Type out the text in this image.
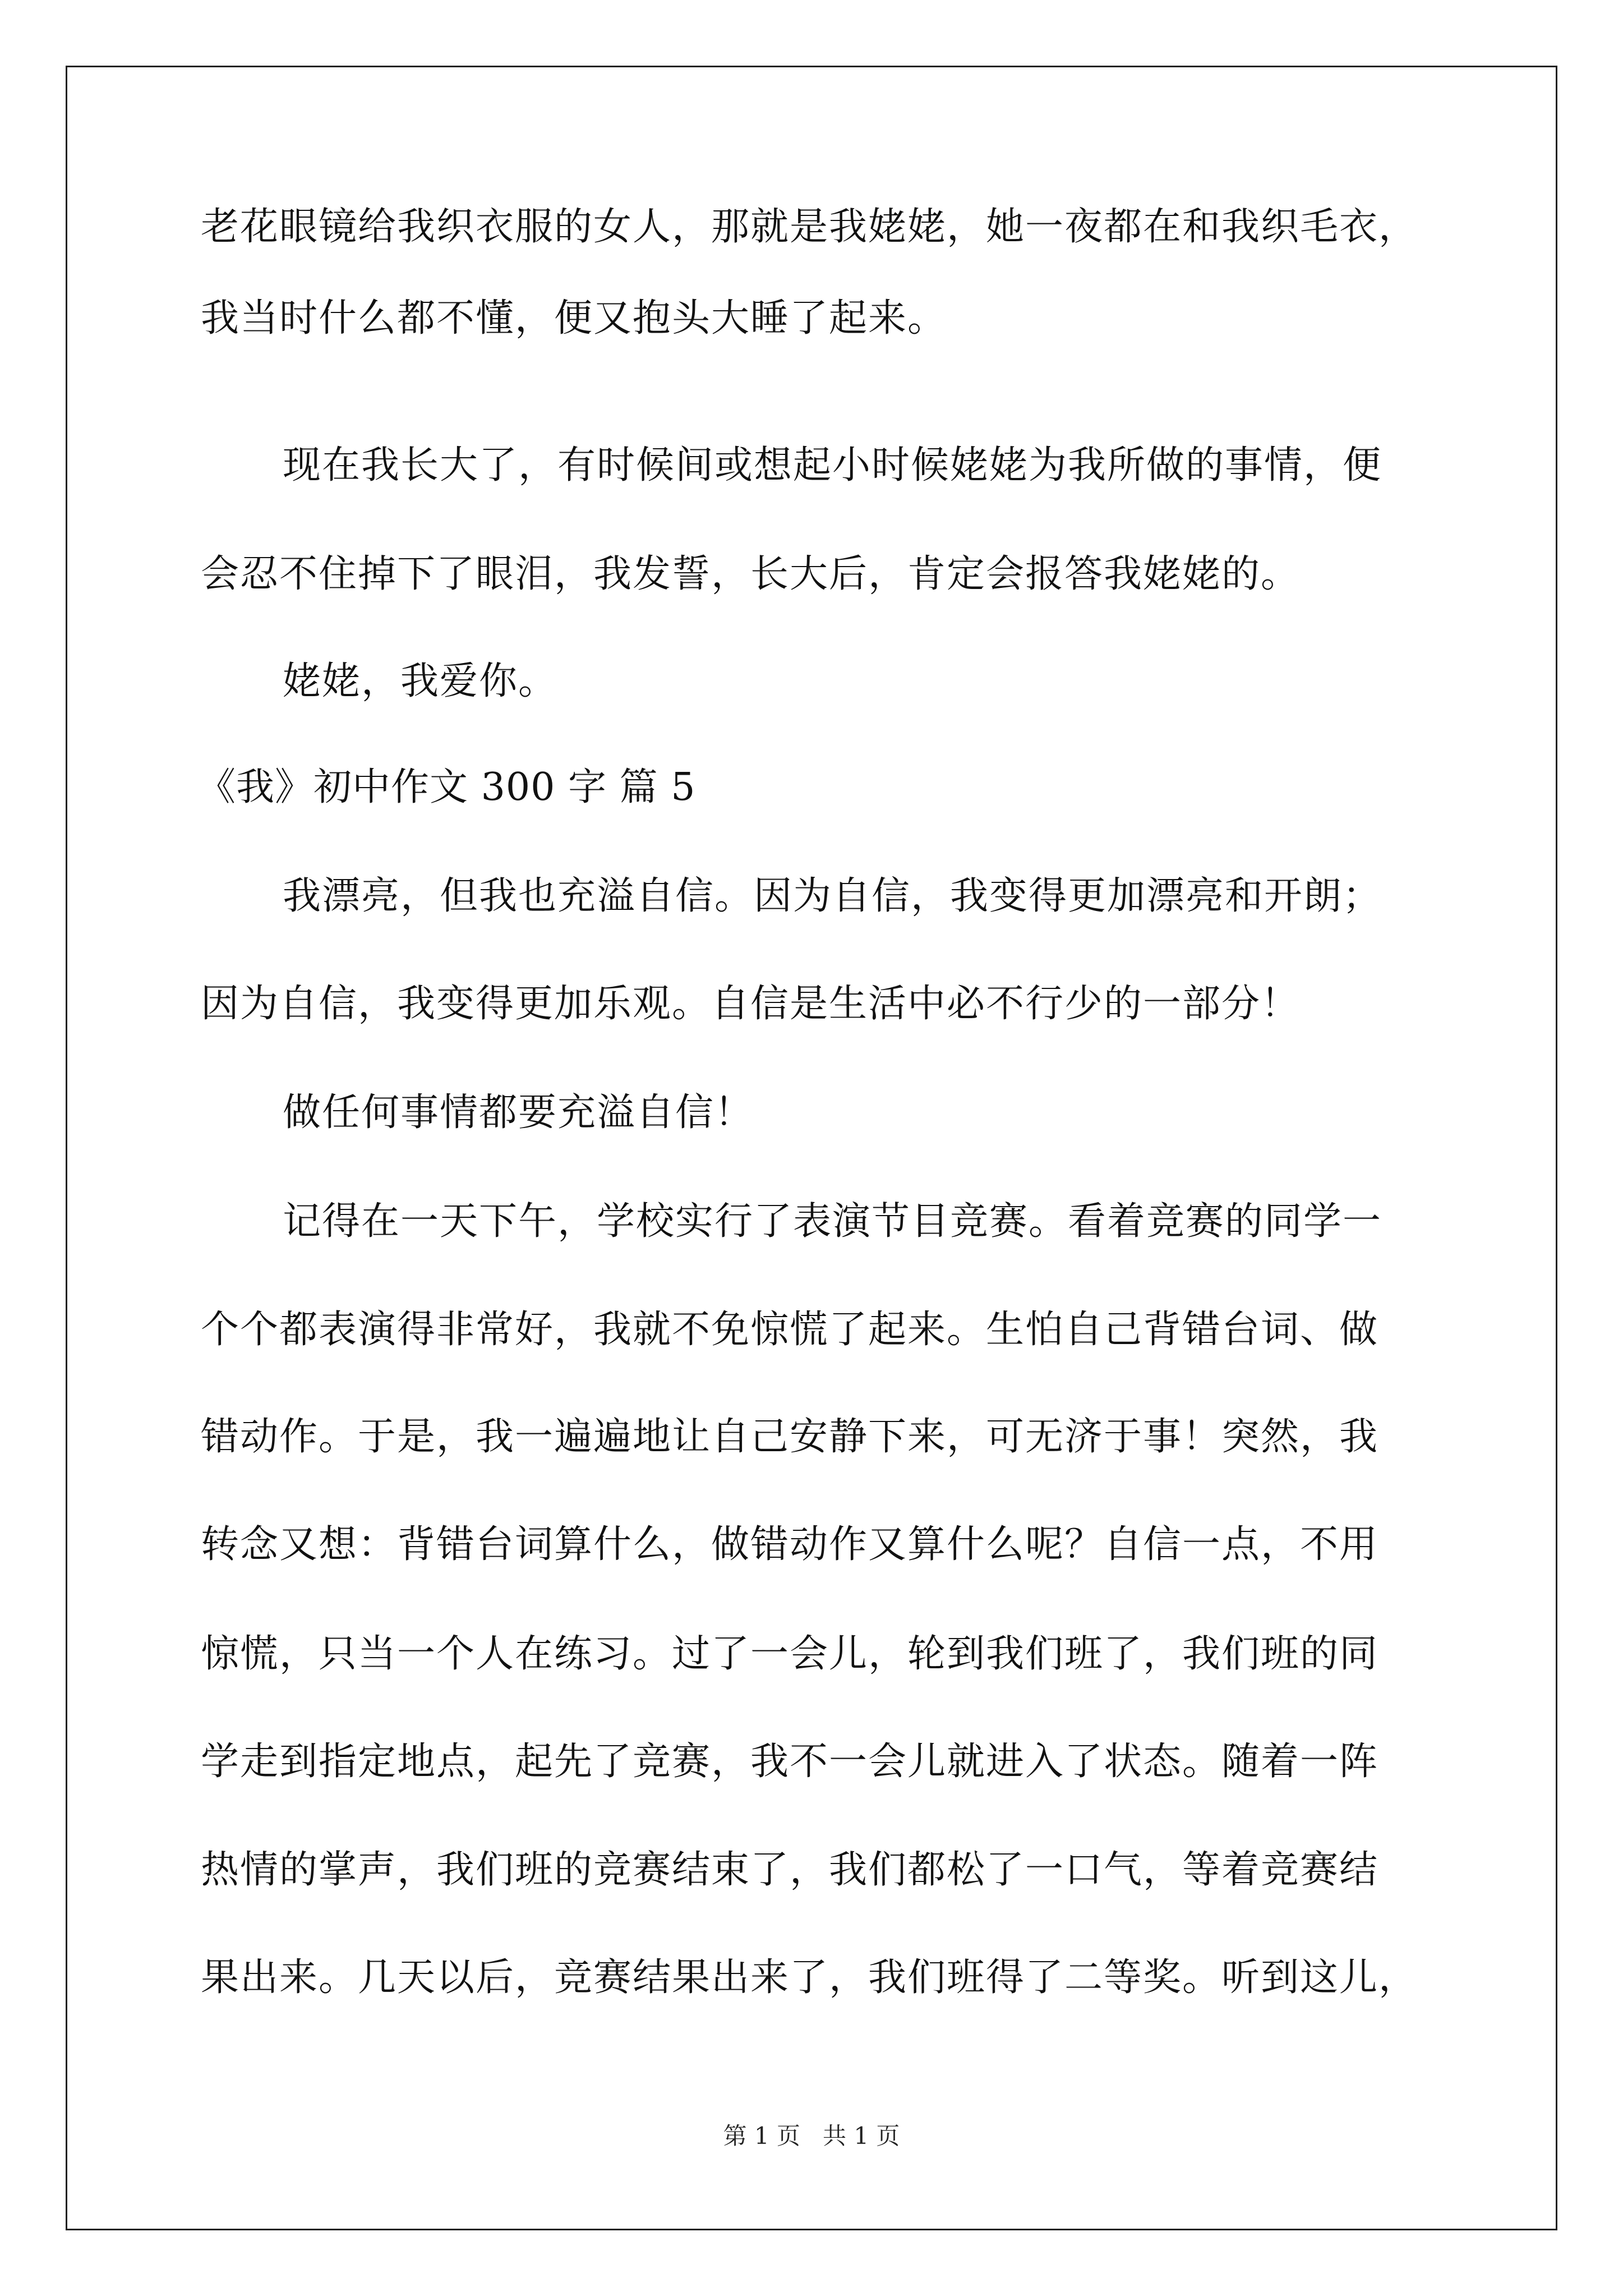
老花眼镜给我织衣服的女人，那就是我姥姥，她一夜都在和我织毛衣，
我当时什么都不懂，便又抱头大睡了起来。
现在我长大了，有时候间或想起小时候姥姥为我所做的事情，便
会忍不住掉下了眼泪，我发誓，长大后，肯定会报答我姥姥的。
姥姥，我爱你。
《我》初中作文 300 字 篇 5
我漂亮，但我也充溢自信。因为自信，我变得更加漂亮和开朗；
因为自信，我变得更加乐观。自信是生活中必不行少的一部分！
做任何事情都要充溢自信！
记得在一天下午，学校实行了表演节目竞赛。看着竞赛的同学一
个个都表演得非常好，我就不免惊慌了起来。生怕自己背错台词、做
错动作。于是，我一遍遍地让自己安静下来，可无济于事！突然，我
转念又想：背错台词算什么，做错动作又算什么呢？自信一点，不用
惊慌，只当一个人在练习。过了一会儿，轮到我们班了，我们班的同
学走到指定地点，起先了竞赛，我不一会儿就进入了状态。随着一阵
热情的掌声，我们班的竞赛结束了，我们都松了一口气，等着竞赛结
果出来。几天以后，竞赛结果出来了，我们班得了二等奖。听到这儿，
第 1 页 共 1 页
